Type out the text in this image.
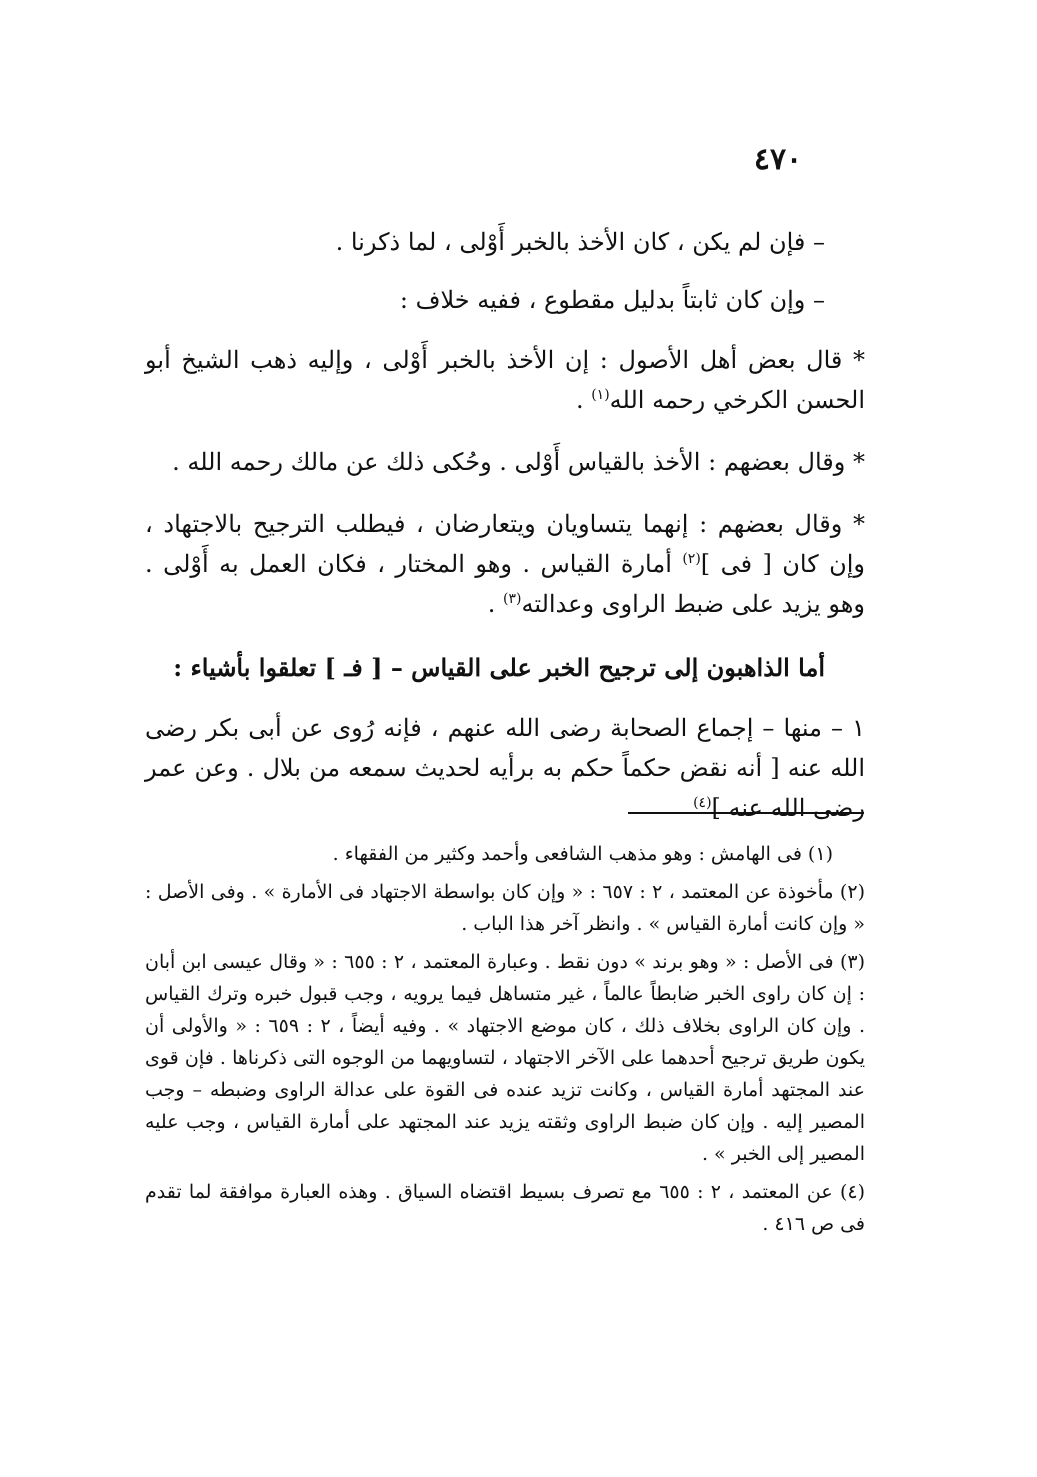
٤٧٠

– فإن لم يكن ، كان الأخذ بالخبر أَوْلى ، لما ذكرنا .

– وإن كان ثابتاً بدليل مقطوع ، ففيه خلاف :

* قال بعض أهل الأصول : إن الأخذ بالخبر أَوْلى ، وإليه ذهب الشيخ أبو الحسن الكرخي رحمه الله$^{(١)}$ .

* وقال بعضهم : الأخذ بالقياس أَوْلى . وحُكى ذلك عن مالك رحمه الله .

* وقال بعضهم : إنهما يتساويان ويتعارضان ، فيطلب الترجيح بالاجتهاد ، وإن كان [ فى ]$^{(٢)}$ أمارة القياس . وهو المختار ، فكان العمل به أَوْلى . وهو يزيد على ضبط الراوى وعدالته$^{(٣)}$ .

أما الذاهبون إلى ترجيح الخبر على القياس – [ فـ ] تعلقوا بأشياء :

١ – منها – إجماع الصحابة رضى الله عنهم ، فإنه رُوى عن أبى بكر رضى الله عنه [ أنه نقض حكماً حكم به برأيه لحديث سمعه من بلال . وعن عمر رضى الله عنه ]$^{(٤)}$

(١) فى الهامش : وهو مذهب الشافعى وأحمد وكثير من الفقهاء .

(٢) مأخوذة عن المعتمد ، ٢ : ٦٥٧ : « وإن كان بواسطة الاجتهاد فى الأمارة » . وفى الأصل : « وإن كانت أمارة القياس » . وانظر آخر هذا الباب .

(٣) فى الأصل : « وهو برند » دون نقط . وعبارة المعتمد ، ٢ : ٦٥٥ : « وقال عيسى ابن أبان : إن كان راوى الخبر ضابطاً عالماً ، غير متساهل فيما يرويه ، وجب قبول خبره وترك القياس . وإن كان الراوى بخلاف ذلك ، كان موضع الاجتهاد » . وفيه أيضاً ، ٢ : ٦٥٩ : « والأولى أن يكون طريق ترجيح أحدهما على الآخر الاجتهاد ، لتساويهما من الوجوه التى ذكرناها . فإن قوى عند المجتهد أمارة القياس ، وكانت تزيد عنده فى القوة على عدالة الراوى وضبطه – وجب المصير إليه . وإن كان ضبط الراوى وثقته يزيد عند المجتهد على أمارة القياس ، وجب عليه المصير إلى الخبر » .

(٤) عن المعتمد ، ٢ : ٦٥٥ مع تصرف بسيط اقتضاه السياق . وهذه العبارة موافقة لما تقدم فى ص ٤١٦ .
